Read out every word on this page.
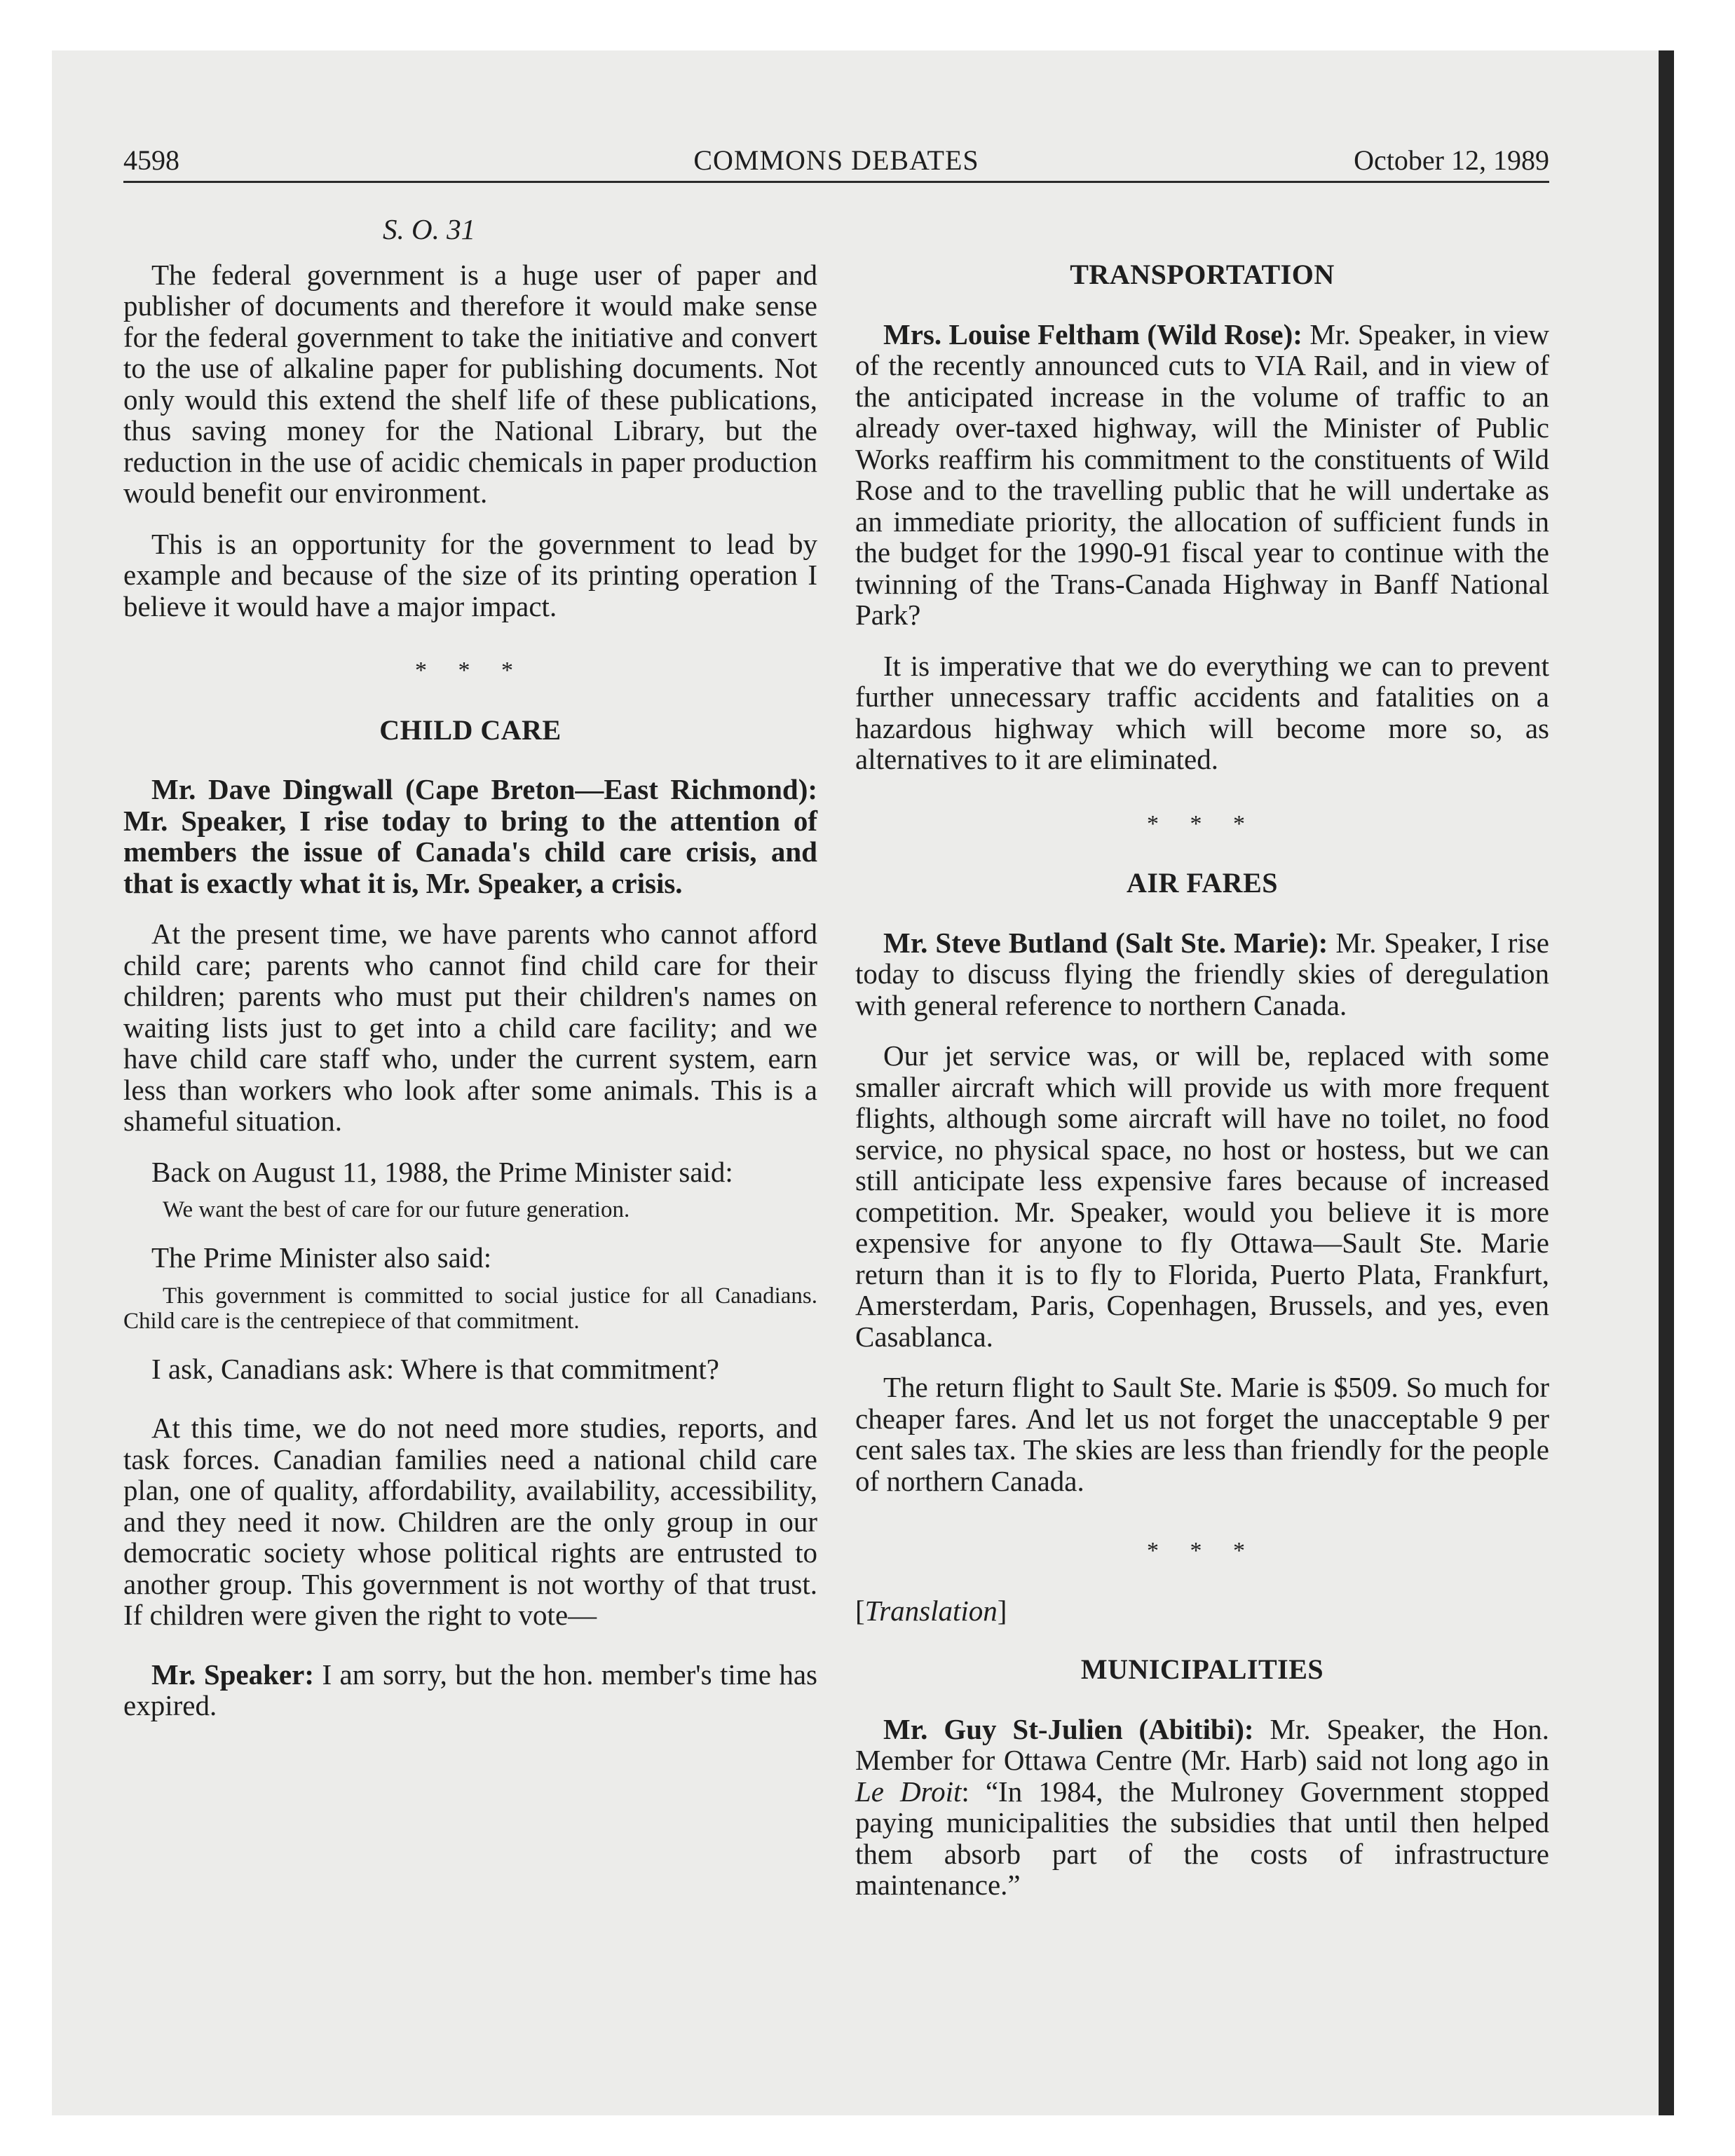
4598	COMMONS DEBATES	October 12, 1989
S. O. 31

The federal government is a huge user of paper and publisher of documents and therefore it would make sense for the federal government to take the initiative and convert to the use of alkaline paper for publishing documents. Not only would this extend the shelf life of these publications, thus saving money for the National Library, but the reduction in the use of acidic chemicals in paper production would benefit our environment.

This is an opportunity for the government to lead by example and because of the size of its printing operation I believe it would have a major impact.

* * *
CHILD CARE

Mr. Dave Dingwall (Cape Breton—East Richmond): Mr. Speaker, I rise today to bring to the attention of members the issue of Canada's child care crisis, and that is exactly what it is, Mr. Speaker, a crisis.

At the present time, we have parents who cannot afford child care; parents who cannot find child care for their children; parents who must put their children's names on waiting lists just to get into a child care facility; and we have child care staff who, under the current system, earn less than workers who look after some animals. This is a shameful situation.

Back on August 11, 1988, the Prime Minister said:

We want the best of care for our future generation.

The Prime Minister also said:

This government is committed to social justice for all Canadians. Child care is the centrepiece of that commitment.

I ask, Canadians ask: Where is that commitment?

At this time, we do not need more studies, reports, and task forces. Canadian families need a national child care plan, one of quality, affordability, availability, accessibility, and they need it now. Children are the only group in our democratic society whose political rights are entrusted to another group. This government is not worthy of that trust. If children were given the right to vote—

Mr. Speaker: I am sorry, but the hon. member's time has expired.

TRANSPORTATION

Mrs. Louise Feltham (Wild Rose): Mr. Speaker, in view of the recently announced cuts to VIA Rail, and in view of the anticipated increase in the volume of traffic to an already over-taxed highway, will the Minister of Public Works reaffirm his commitment to the constituents of Wild Rose and to the travelling public that he will undertake as an immediate priority, the allocation of sufficient funds in the budget for the 1990-91 fiscal year to continue with the twinning of the Trans-Canada Highway in Banff National Park?

It is imperative that we do everything we can to prevent further unnecessary traffic accidents and fatalities on a hazardous highway which will become more so, as alternatives to it are eliminated.

* * *
AIR FARES

Mr. Steve Butland (Salt Ste. Marie): Mr. Speaker, I rise today to discuss flying the friendly skies of deregulation with general reference to northern Canada.

Our jet service was, or will be, replaced with some smaller aircraft which will provide us with more frequent flights, although some aircraft will have no toilet, no food service, no physical space, no host or hostess, but we can still anticipate less expensive fares because of increased competition. Mr. Speaker, would you believe it is more expensive for anyone to fly Ottawa—Sault Ste. Marie return than it is to fly to Florida, Puerto Plata, Frankfurt, Amersterdam, Paris, Copenhagen, Brussels, and yes, even Casablanca.

The return flight to Sault Ste. Marie is $509. So much for cheaper fares. And let us not forget the unacceptable 9 per cent sales tax. The skies are less than friendly for the people of northern Canada.

* * *

[Translation]

MUNICIPALITIES

Mr. Guy St-Julien (Abitibi): Mr. Speaker, the Hon. Member for Ottawa Centre (Mr. Harb) said not long ago in Le Droit: “In 1984, the Mulroney Government stopped paying municipalities the subsidies that until then helped them absorb part of the costs of infrastructure maintenance.”
